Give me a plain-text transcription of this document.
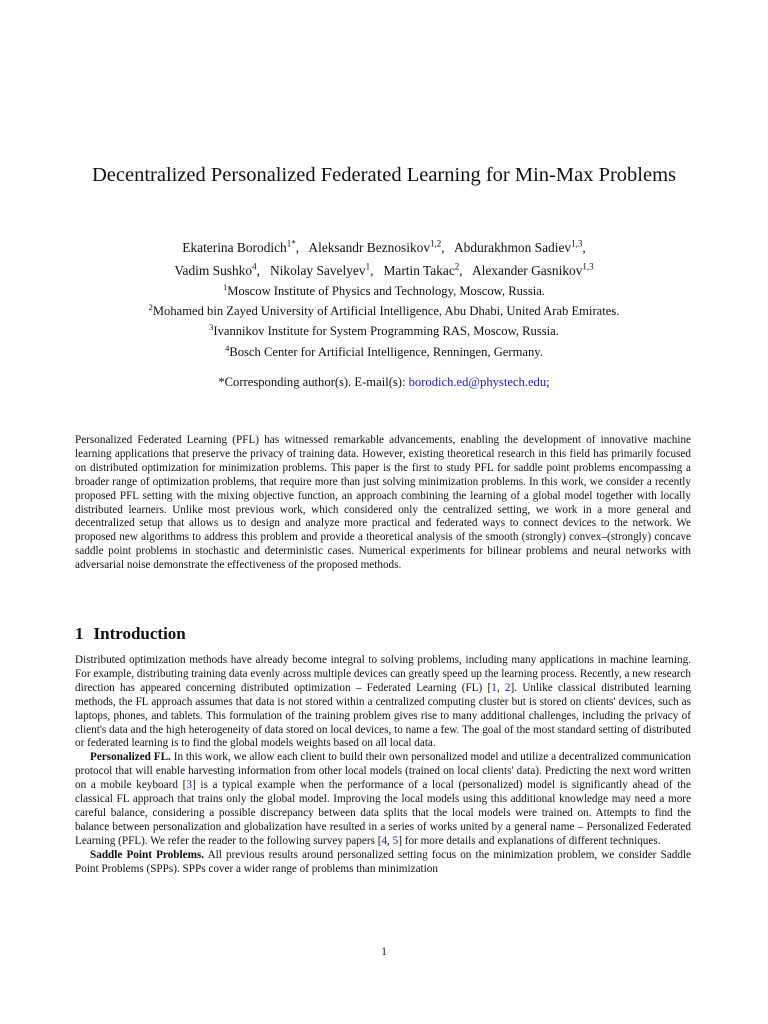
Decentralized Personalized Federated Learning for Min-Max Problems
Ekaterina Borodich$^{1*}$,  Aleksandr Beznosikov$^{1,2}$,  Abdurakhmon Sadiev$^{1,3}$,
Vadim Sushko$^4$,  Nikolay Savelyev$^1$,  Martin Takac$^2$,  Alexander Gasnikov$^{1,3}$
$^1$Moscow Institute of Physics and Technology, Moscow, Russia.
$^2$Mohamed bin Zayed University of Artificial Intelligence, Abu Dhabi, United Arab Emirates.
$^3$Ivannikov Institute for System Programming RAS, Moscow, Russia.
$^4$Bosch Center for Artificial Intelligence, Renningen, Germany.
*Corresponding author(s). E-mail(s): borodich.ed@phystech.edu;

Personalized Federated Learning (PFL) has witnessed remarkable advancements, enabling the development of innovative machine learning applications that preserve the privacy of training data. However, existing theoretical research in this field has primarily focused on distributed optimization for minimization problems. This paper is the first to study PFL for saddle point problems encompassing a broader range of optimization problems, that require more than just solving minimization problems. In this work, we consider a recently proposed PFL setting with the mixing objective function, an approach combining the learning of a global model together with locally distributed learners. Unlike most previous work, which considered only the centralized setting, we work in a more general and decentralized setup that allows us to design and analyze more practical and federated ways to connect devices to the network. We proposed new algorithms to address this problem and provide a theoretical analysis of the smooth (strongly) convex–(strongly) concave saddle point problems in stochastic and deterministic cases. Numerical experiments for bilinear problems and neural networks with adversarial noise demonstrate the effectiveness of the proposed methods.

1 Introduction

Distributed optimization methods have already become integral to solving problems, including many applications in machine learning. For example, distributing training data evenly across multiple devices can greatly speed up the learning process. Recently, a new research direction has appeared concerning distributed optimization – Federated Learning (FL) [1, 2]. Unlike classical distributed learning methods, the FL approach assumes that data is not stored within a centralized computing cluster but is stored on clients' devices, such as laptops, phones, and tablets. This formulation of the training problem gives rise to many additional challenges, including the privacy of client's data and the high heterogeneity of data stored on local devices, to name a few. The goal of the most standard setting of distributed or federated learning is to find the global models weights based on all local data.

Personalized FL. In this work, we allow each client to build their own personalized model and utilize a decentralized communication protocol that will enable harvesting information from other local models (trained on local clients' data). Predicting the next word written on a mobile keyboard [3] is a typical example when the performance of a local (personalized) model is significantly ahead of the classical FL approach that trains only the global model. Improving the local models using this additional knowledge may need a more careful balance, considering a possible discrepancy between data splits that the local models were trained on. Attempts to find the balance between personalization and globalization have resulted in a series of works united by a general name – Personalized Federated Learning (PFL). We refer the reader to the following survey papers [4, 5] for more details and explanations of different techniques.

Saddle Point Problems. All previous results around personalized setting focus on the minimization problem, we consider Saddle Point Problems (SPPs). SPPs cover a wider range of problems than minimization

1
